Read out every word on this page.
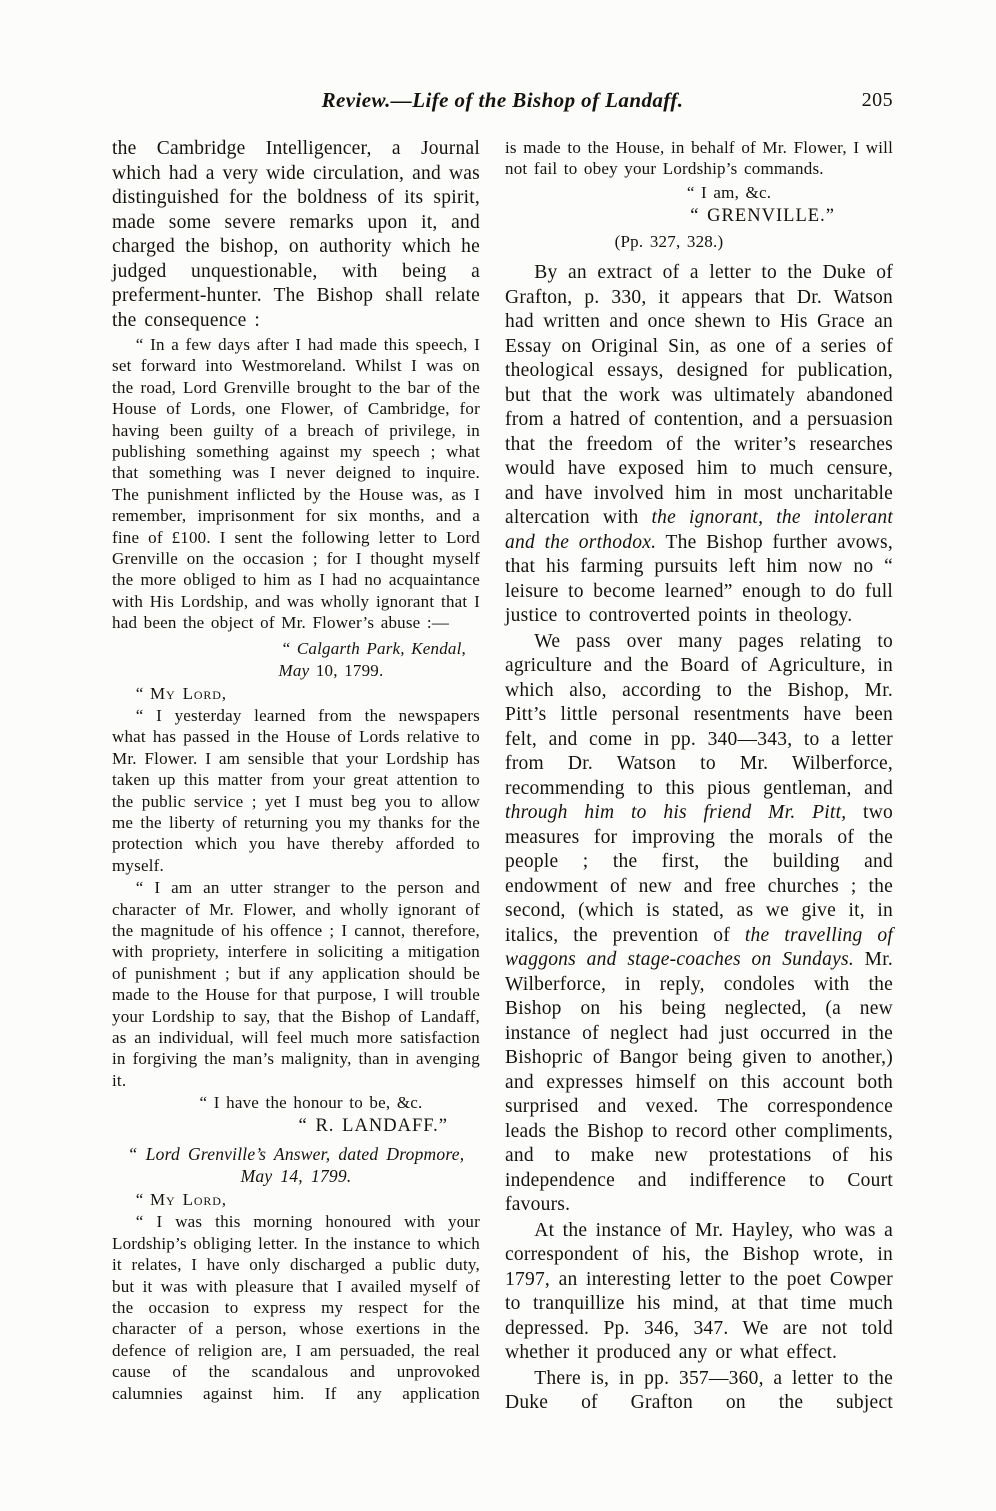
Review.—Life of the Bishop of Landaff.	205

the Cambridge Intelligencer, a Journal which had a very wide circulation, and was distinguished for the boldness of its spirit, made some severe remarks upon it, and charged the bishop, on authority which he judged unquestionable, with being a preferment-hunter. The Bishop shall relate the consequence :

“ In a few days after I had made this speech, I set forward into Westmoreland. Whilst I was on the road, Lord Grenville brought to the bar of the House of Lords, one Flower, of Cambridge, for having been guilty of a breach of privilege, in publishing something against my speech ; what that something was I never deigned to inquire. The punishment inflicted by the House was, as I remember, imprisonment for six months, and a fine of £100. I sent the following letter to Lord Grenville on the occasion ; for I thought myself the more obliged to him as I had no acquaintance with His Lordship, and was wholly ignorant that I had been the object of Mr. Flower’s abuse :—

“ Calgarth Park, Kendal,

May 10, 1799.

“ My Lord,

“ I yesterday learned from the newspapers what has passed in the House of Lords relative to Mr. Flower. I am sensible that your Lordship has taken up this matter from your great attention to the public service ; yet I must beg you to allow me the liberty of returning you my thanks for the protection which you have thereby afforded to myself.

“ I am an utter stranger to the person and character of Mr. Flower, and wholly ignorant of the magnitude of his offence ; I cannot, therefore, with propriety, interfere in soliciting a mitigation of punishment ; but if any application should be made to the House for that purpose, I will trouble your Lordship to say, that the Bishop of Landaff, as an individual, will feel much more satisfaction in forgiving the man’s malignity, than in avenging it.

“ I have the honour to be, &c.

“ R. LANDAFF.”

“ Lord Grenville’s Answer, dated Dropmore, May 14, 1799.

“ My Lord,

“ I was this morning honoured with your Lordship’s obliging letter. In the instance to which it relates, I have only discharged a public duty, but it was with pleasure that I availed myself of the occasion to express my respect for the character of a person, whose exertions in the defence of religion are, I am persuaded, the real cause of the scandalous and unprovoked calumnies against him. If any application

is made to the House, in behalf of Mr. Flower, I will not fail to obey your Lordship’s commands.

“ I am, &c.

“ GRENVILLE.”

(Pp. 327, 328.)

By an extract of a letter to the Duke of Grafton, p. 330, it appears that Dr. Watson had written and once shewn to His Grace an Essay on Original Sin, as one of a series of theological essays, designed for publication, but that the work was ultimately abandoned from a hatred of contention, and a persuasion that the freedom of the writer’s researches would have exposed him to much censure, and have involved him in most uncharitable altercation with the ignorant, the intolerant and the orthodox. The Bishop further avows, that his farming pursuits left him now no “ leisure to become learned” enough to do full justice to controverted points in theology.

We pass over many pages relating to agriculture and the Board of Agriculture, in which also, according to the Bishop, Mr. Pitt’s little personal resentments have been felt, and come in pp. 340—343, to a letter from Dr. Watson to Mr. Wilberforce, recommending to this pious gentleman, and through him to his friend Mr. Pitt, two measures for improving the morals of the people ; the first, the building and endowment of new and free churches ; the second, (which is stated, as we give it, in italics, the prevention of the travelling of waggons and stage-coaches on Sundays. Mr. Wilberforce, in reply, condoles with the Bishop on his being neglected, (a new instance of neglect had just occurred in the Bishopric of Bangor being given to another,) and expresses himself on this account both surprised and vexed. The correspondence leads the Bishop to record other compliments, and to make new protestations of his independence and indifference to Court favours.

At the instance of Mr. Hayley, who was a correspondent of his, the Bishop wrote, in 1797, an interesting letter to the poet Cowper to tranquillize his mind, at that time much depressed. Pp. 346, 347. We are not told whether it produced any or what effect.

There is, in pp. 357—360, a letter to the Duke of Grafton on the subject
